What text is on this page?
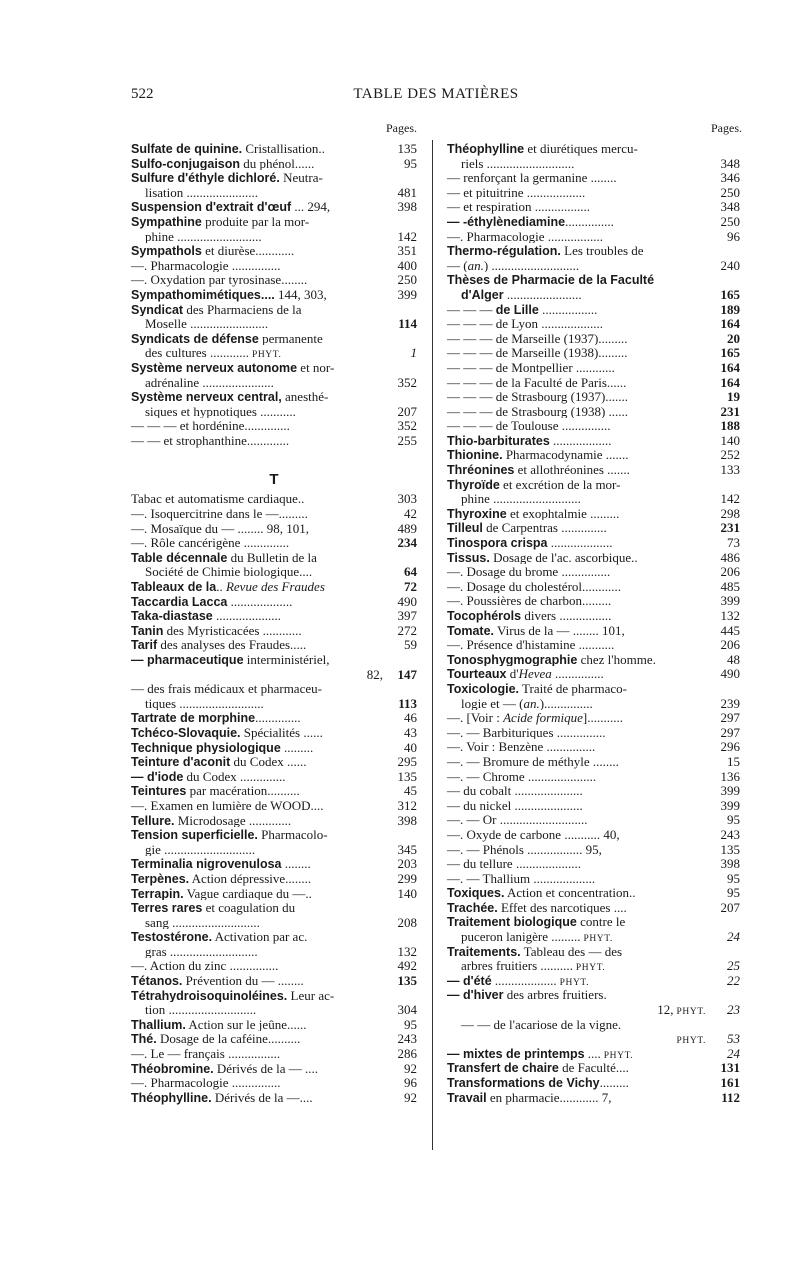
522	TABLE DES MATIÈRES
Pages.
Sulfate de quinine. Cristallisation..	135
Sulfo-conjugaison du phénol......	95
Sulfure d'éthyle dichloré. Neutra-
lisation ......................	481
Suspension d'extrait d'œuf ... 294,	398
Sympathine produite par la mor-
phine ..........................	142
Sympathols et diurèse............	351
—. Pharmacologie ...............	400
—. Oxydation par tyrosinase........	250
Sympathomimétiques.... 144, 303,	399
Syndicat des Pharmaciens de la
Moselle ........................	114
Syndicats de défense permanente
des cultures ............ PHYT.	1
Système nerveux autonome et nor-
adrénaline ......................	352
Système nerveux central, anesthé-
siques et hypnotiques ...........	207
— — — et hordénine..............	352
— — et strophanthine.............	255
T
Tabac et automatisme cardiaque..	303
—. Isoquercitrine dans le —.........	42
—. Mosaïque du — ........ 98, 101,	489
—. Rôle cancérigène ..............	234
Table décennale du Bulletin de la
Société de Chimie biologique....	64
Tableaux de la.. Revue des Fraudes	72
Taccardia Lacca ...................	490
Taka-diastase ....................	397
Tanin des Myristicacées ............	272
Tarif des analyses des Fraudes.....	59
— pharmaceutique interministériel,
82, 147
— des frais médicaux et pharmaceu-
tiques ..........................	113
Tartrate de morphine..............	46
Tchéco-Slovaquie. Spécialités ......	43
Technique physiologique .........	40
Teinture d'aconit du Codex ......	295
— d'iode du Codex ..............	135
Teintures par macération..........	45
—. Examen en lumière de WOOD....	312
Tellure. Microdosage .............	398
Tension superficielle. Pharmacolo-
gie ............................	345
Terminalia nigrovenulosa ........	203
Terpènes. Action dépressive........	299
Terrapin. Vague cardiaque du —..	140
Terres rares et coagulation du
sang ...........................	208
Testostérone. Activation par ac.
gras ...........................	132
—. Action du zinc ...............	492
Tétanos. Prévention du — ........	135
Tétrahydroisoquinoléines. Leur ac-
tion ...........................	304
Thallium. Action sur le jeûne......	95
Thé. Dosage de la caféine..........	243
—. Le — français ................	286
Théobromine. Dérivés de la — ....	92
—. Pharmacologie ...............	96
Théophylline. Dérivés de la —....	92
Pages.
Théophylline et diurétiques mercu-
riels ...........................	348
— renforçant la germanine ........	346
— et pituitrine ..................	250
— et respiration .................	348
— -éthylènediamine...............	250
—. Pharmacologie .................	96
Thermo-régulation. Les troubles de
— (an.) ...........................	240
Thèses de Pharmacie de la Faculté
d'Alger .......................	165
— — — de Lille .................	189
— — — de Lyon ...................	164
— — — de Marseille (1937).........	20
— — — de Marseille (1938).........	165
— — — de Montpellier ............	164
— — — de la Faculté de Paris......	164
— — — de Strasbourg (1937).......	19
— — — de Strasbourg (1938) ......	231
— — — de Toulouse ...............	188
Thio-barbiturates ..................	140
Thionine. Pharmacodynamie .......	252
Thréonines et allothréonines .......	133
Thyroïde et excrétion de la mor-
phine ...........................	142
Thyroxine et exophtalmie .........	298
Tilleul de Carpentras ..............	231
Tinospora crispa ...................	73
Tissus. Dosage de l'ac. ascorbique..	486
—. Dosage du brome ...............	206
—. Dosage du cholestérol............	485
—. Poussières de charbon.........	399
Tocophérols divers ................	132
Tomate. Virus de la — ........ 101,	445
—. Présence d'histamine ...........	206
Tonosphygmographie chez l'homme.	48
Tourteaux d'Hevea ...............	490
Toxicologie. Traité de pharmaco-
logie et — (an.)...............	239
—. [Voir : Acide formique]...........	297
—. — Barbituriques ...............	297
—. Voir : Benzène ...............	296
—. — Bromure de méthyle ........	15
—. — Chrome .....................	136
— du cobalt .....................	399
— du nickel .....................	399
—. — Or ...........................	95
—. Oxyde de carbone ........... 40,	243
—. — Phénols ................. 95,	135
— du tellure ....................	398
—. — Thallium ...................	95
Toxiques. Action et concentration..	95
Trachée. Effet des narcotiques ....	207
Traitement biologique contre le
puceron lanigère ......... PHYT.	24
Traitements. Tableau des — des
arbres fruitiers .......... PHYT.	25
— d'été ................... PHYT.	22
— d'hiver des arbres fruitiers.
12, PHYT. 23
— — de l'acariose de la vigne.
PHYT. 53
— mixtes de printemps .... PHYT.	24
Transfert de chaire de Faculté....	131
Transformations de Vichy.........	161
Travail en pharmacie............ 7,	112
